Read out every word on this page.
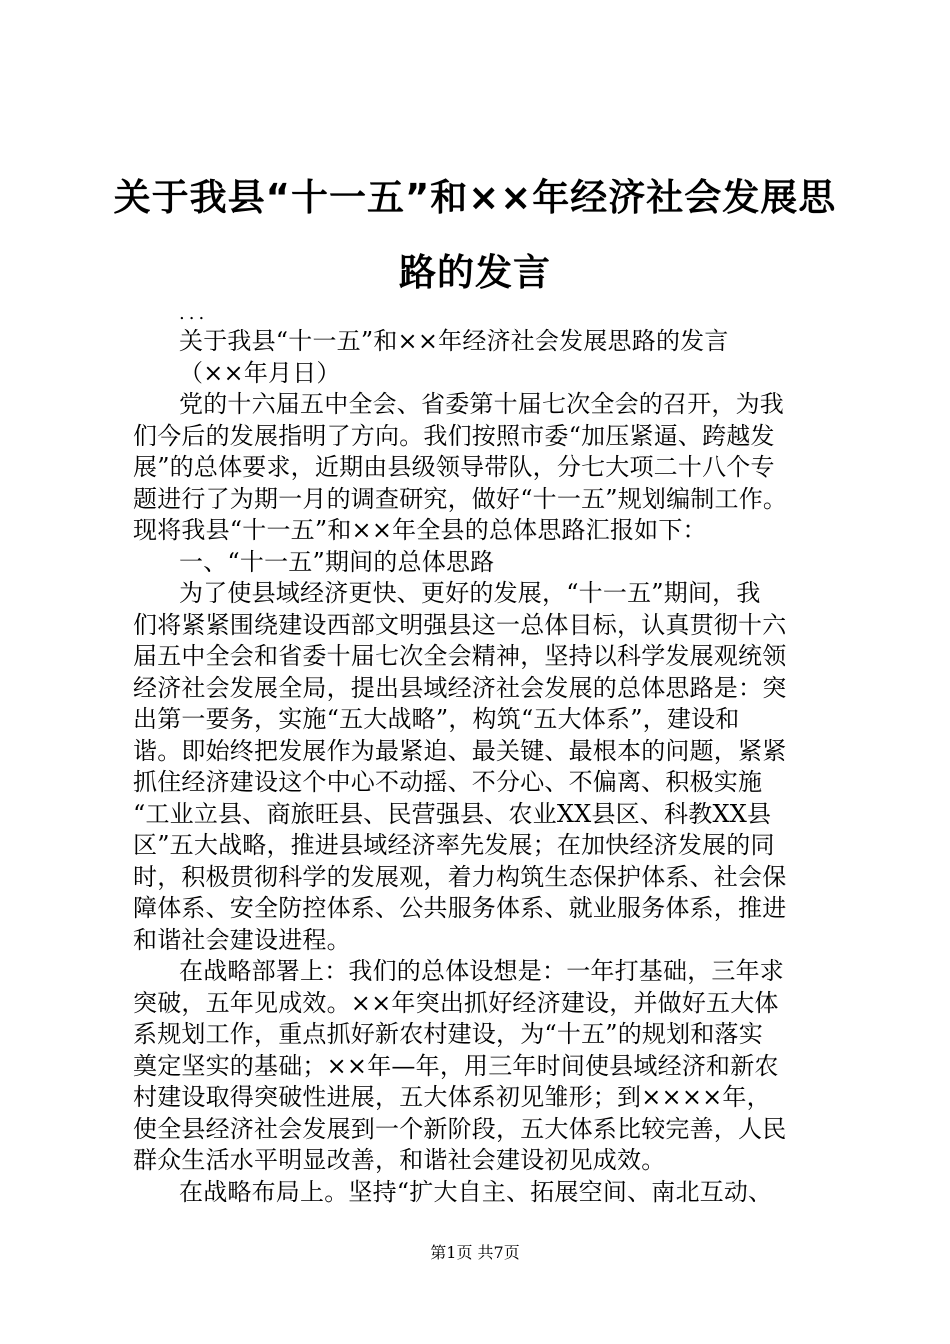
关于我县“十一五”和××年经济社会发展思
路的发言
...
关于我县“十一五”和××年经济社会发展思路的发言
（××年月日）
党的十六届五中全会、省委第十届七次全会的召开，为我
们今后的发展指明了方向。我们按照市委“加压紧逼、跨越发
展”的总体要求，近期由县级领导带队，分七大项二十八个专
题进行了为期一月的调查研究，做好“十一五”规划编制工作。
现将我县“十一五”和××年全县的总体思路汇报如下：
一、“十一五”期间的总体思路
为了使县域经济更快、更好的发展，“十一五”期间，我
们将紧紧围绕建设西部文明强县这一总体目标，认真贯彻十六
届五中全会和省委十届七次全会精神，坚持以科学发展观统领
经济社会发展全局，提出县域经济社会发展的总体思路是：突
出第一要务，实施“五大战略”，构筑“五大体系”，建设和
谐。即始终把发展作为最紧迫、最关键、最根本的问题，紧紧
抓住经济建设这个中心不动摇、不分心、不偏离、积极实施
“工业立县、商旅旺县、民营强县、农业XX县区、科教XX县
区”五大战略，推进县域经济率先发展；在加快经济发展的同
时，积极贯彻科学的发展观，着力构筑生态保护体系、社会保
障体系、安全防控体系、公共服务体系、就业服务体系，推进
和谐社会建设进程。
在战略部署上：我们的总体设想是：一年打基础，三年求
突破，五年见成效。××年突出抓好经济建设，并做好五大体
系规划工作，重点抓好新农村建设，为“十五”的规划和落实
奠定坚实的基础；××年—年，用三年时间使县域经济和新农
村建设取得突破性进展，五大体系初见雏形；到××××年，
使全县经济社会发展到一个新阶段，五大体系比较完善，人民
群众生活水平明显改善，和谐社会建设初见成效。
在战略布局上。坚持“扩大自主、拓展空间、南北互动、
第1页 共7页
